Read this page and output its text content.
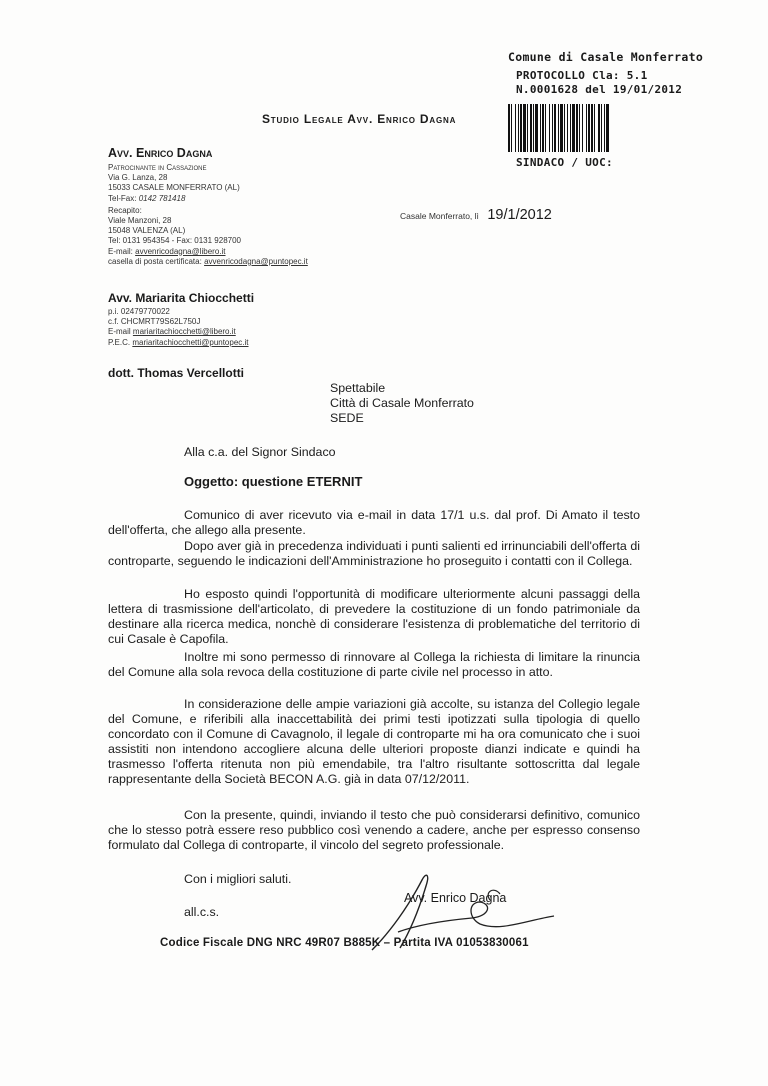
Comune di Casale Monferrato
PROTOCOLLO Cla: 5.1
N.0001628 del 19/01/2012
SINDACO / UOC:
Studio Legale Avv. Enrico Dagna
Avv. Enrico Dagna
Patrocinante in Cassazione
Via G. Lanza, 28
15033 CASALE MONFERRATO (AL)
Tel-Fax: 0142 781418
Recapito:
Viale Manzoni, 28
15048 VALENZA (AL)
Tel: 0131 954354 - Fax: 0131 928700
E-mail: avvenricodagna@libero.it
casella di posta certificata: avvenricodagna@puntopec.it
Casale Monferrato, lì 19/1/2012
Avv. Mariarita Chiocchetti
p.i. 02479770022
c.f. CHCMRT79S62L750J
E-mail mariaritachiocchetti@libero.it
P.E.C. mariaritachiocchetti@puntopec.it
dott. Thomas Vercellotti
Spettabile
Città di Casale Monferrato
SEDE
Alla c.a. del Signor Sindaco
Oggetto: questione ETERNIT
Comunico di aver ricevuto via e-mail in data 17/1 u.s. dal prof. Di Amato il testo dell'offerta, che allego alla presente.
Dopo aver già in precedenza individuati i punti salienti ed irrinunciabili dell'offerta di controparte, seguendo le indicazioni dell'Amministrazione ho proseguito i contatti con il Collega.
Ho esposto quindi l'opportunità di modificare ulteriormente alcuni passaggi della lettera di trasmissione dell'articolato, di prevedere la costituzione di un fondo patrimoniale da destinare alla ricerca medica, nonchè di considerare l'esistenza di problematiche del territorio di cui Casale è Capofila.
Inoltre mi sono permesso di rinnovare al Collega la richiesta di limitare la rinuncia del Comune alla sola revoca della costituzione di parte civile nel processo in atto.
In considerazione delle ampie variazioni già accolte, su istanza del Collegio legale del Comune, e riferibili alla inaccettabilità dei primi testi ipotizzati sulla tipologia di quello concordato con il Comune di Cavagnolo, il legale di controparte mi ha ora comunicato che i suoi assistiti non intendono accogliere alcuna delle ulteriori proposte dianzi indicate e quindi ha trasmesso l'offerta ritenuta non più emendabile, tra l'altro risultante sottoscritta dal legale rappresentante della Società BECON A.G. già in data 07/12/2011.
Con la presente, quindi, inviando il testo che può considerarsi definitivo, comunico che lo stesso potrà essere reso pubblico così venendo a cadere, anche per espresso consenso formulato dal Collega di controparte, il vincolo del segreto professionale.
Con i migliori saluti.
all.c.s.
Avv. Enrico Dagna
Codice Fiscale DNG NRC 49R07 B885K – Partita IVA 01053830061
